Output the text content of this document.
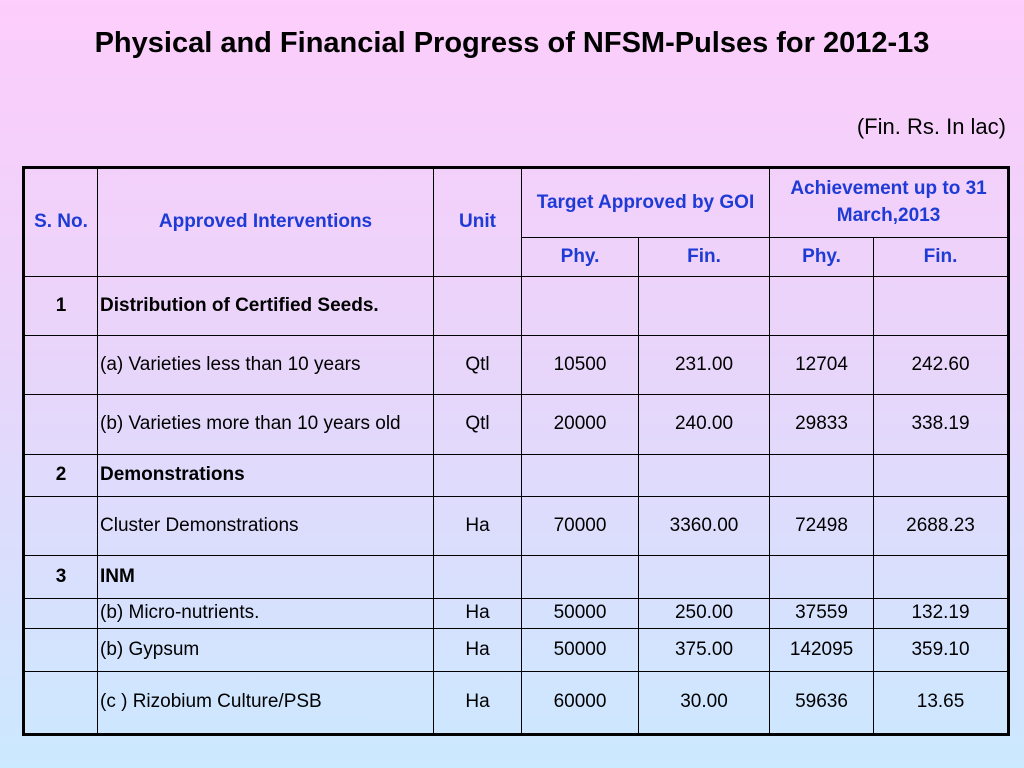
Physical and Financial Progress of NFSM-Pulses for 2012-13
(Fin. Rs. In lac)
S. No.	Approved Interventions	Unit	Target Approved by GOI		Achievement up to 31 March,2013	
			Phy.	Fin.	Phy.	Fin.
1	Distribution of Certified Seeds.					
	(a) Varieties less than 10 years	Qtl	10500	231.00	12704	242.60
	(b) Varieties more than 10 years old	Qtl	20000	240.00	29833	338.19
2	Demonstrations					
	Cluster Demonstrations	Ha	70000	3360.00	72498	2688.23
3	INM					
	(b) Micro-nutrients.	Ha	50000	250.00	37559	132.19
	(b) Gypsum	Ha	50000	375.00	142095	359.10
	(c ) Rizobium Culture/PSB	Ha	60000	30.00	59636	13.65
